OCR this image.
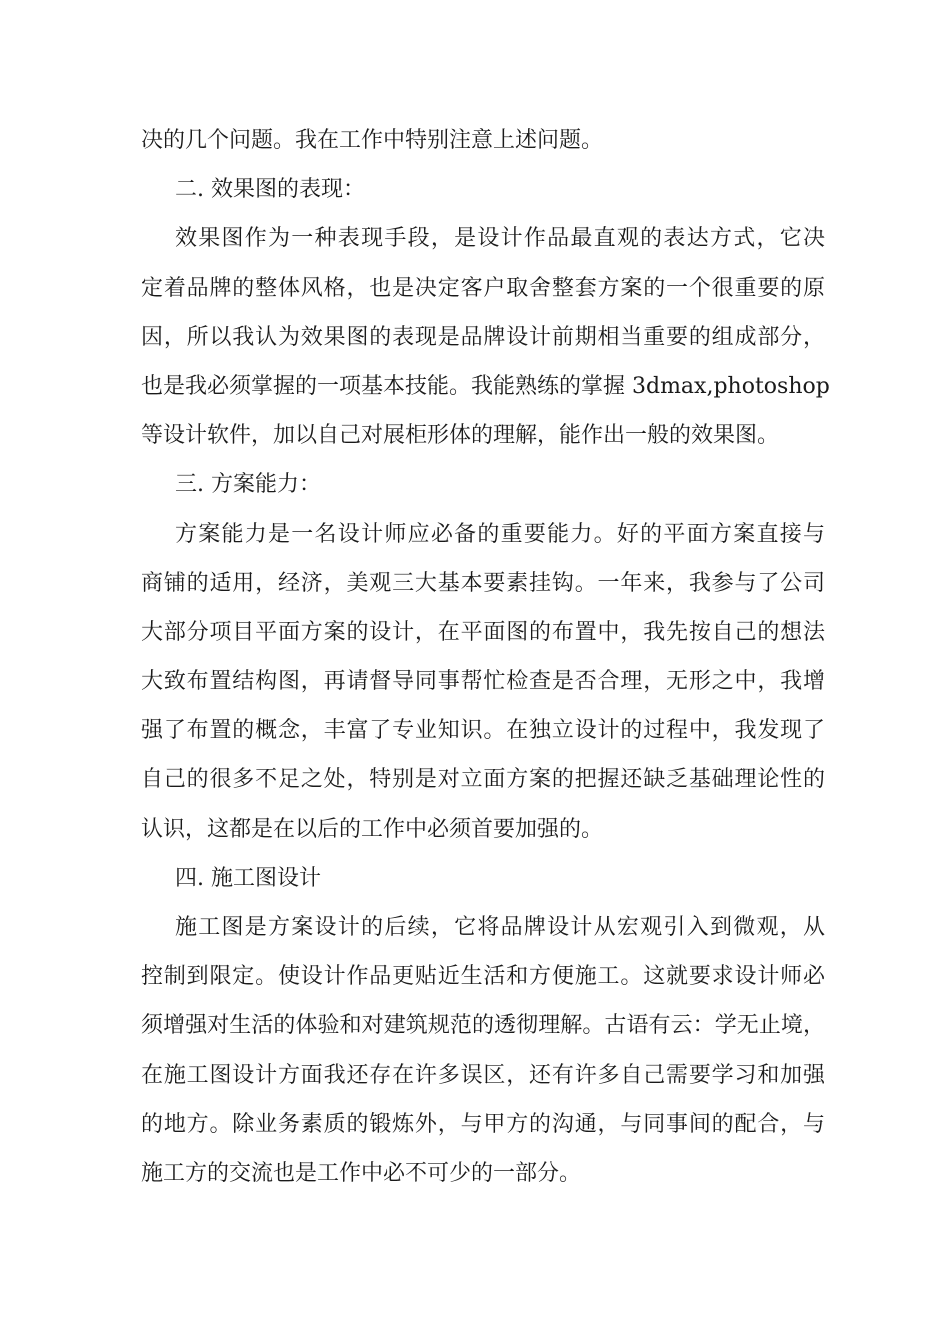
决的几个问题。我在工作中特别注意上述问题。
二. 效果图的表现：
效果图作为一种表现手段，是设计作品最直观的表达方式，它决
定着品牌的整体风格，也是决定客户取舍整套方案的一个很重要的原
因，所以我认为效果图的表现是品牌设计前期相当重要的组成部分，
也是我必须掌握的一项基本技能。我能熟练的掌握 3dmax,photoshop
等设计软件，加以自己对展柜形体的理解，能作出一般的效果图。
三. 方案能力：
方案能力是一名设计师应必备的重要能力。好的平面方案直接与
商铺的适用，经济，美观三大基本要素挂钩。一年来，我参与了公司
大部分项目平面方案的设计，在平面图的布置中，我先按自己的想法
大致布置结构图，再请督导同事帮忙检查是否合理，无形之中，我增
强了布置的概念，丰富了专业知识。在独立设计的过程中，我发现了
自己的很多不足之处，特别是对立面方案的把握还缺乏基础理论性的
认识，这都是在以后的工作中必须首要加强的。
四. 施工图设计
施工图是方案设计的后续，它将品牌设计从宏观引入到微观，从
控制到限定。使设计作品更贴近生活和方便施工。这就要求设计师必
须增强对生活的体验和对建筑规范的透彻理解。古语有云：学无止境，
在施工图设计方面我还存在许多误区，还有许多自己需要学习和加强
的地方。除业务素质的锻炼外，与甲方的沟通，与同事间的配合，与
施工方的交流也是工作中必不可少的一部分。
